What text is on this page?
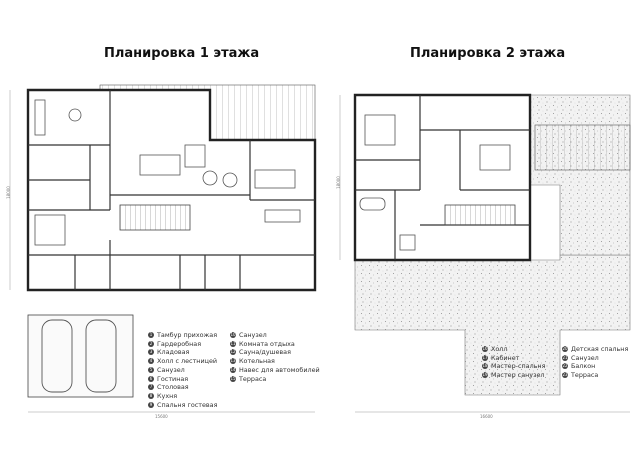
Планировка 1 этажа	Планировка 2 этажа
15600	16600
18000
18000
1 Тамбур прихожая
2 Гардеробная
3 Кладовая
4 Холл с лестницей
5 Санузел
6 Гостиная
7 Столовая
8 Кухня
9 Спальня гостевая
10 Санузел
11 Комната отдыха
12 Сауна/душевая
13 Котельная
14 Навес для автомобилей
15 Терраса
16 Холл
17 Кабинет
18 Мастер-спальня
19 Мастер санузел
20 Детская спальня
21 Санузел
22 Балкон
23 Терраса
